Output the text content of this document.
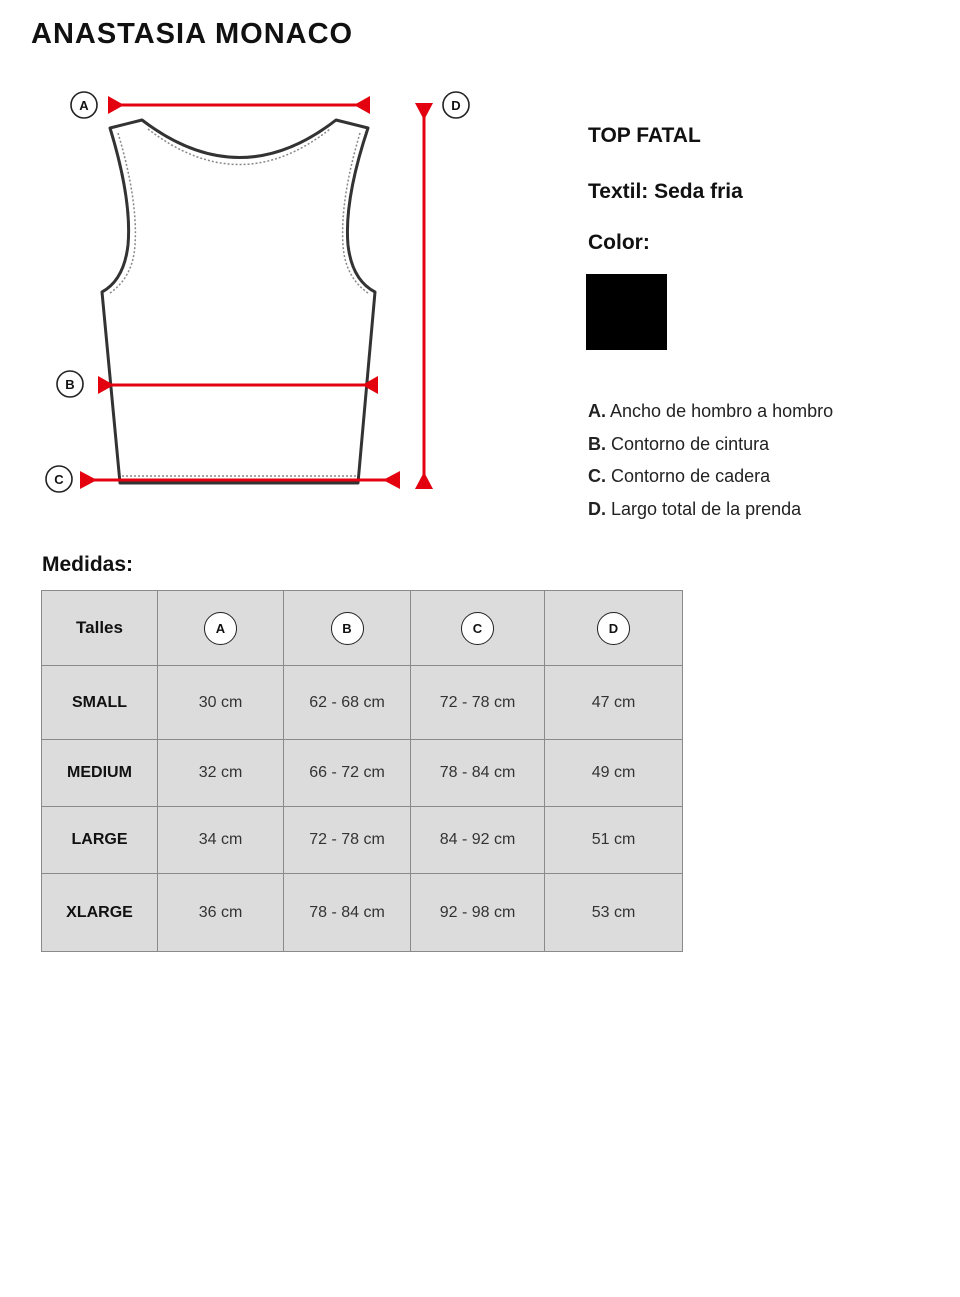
ANASTASIA MONACO
A
B
C
D
TOP FATAL

Textil: Seda fria

Color:

A. Ancho de hombro a hombro
B. Contorno de cintura
C. Contorno de cadera
D. Largo total de la prenda
Medidas:
Talles	A	B	C	D
SMALL	30 cm	62 - 68 cm	72 - 78 cm	47 cm
MEDIUM	32 cm	66 - 72 cm	78 - 84 cm	49 cm
LARGE	34 cm	72 - 78 cm	84 - 92 cm	51 cm
XLARGE	36 cm	78 - 84 cm	92 - 98 cm	53 cm
